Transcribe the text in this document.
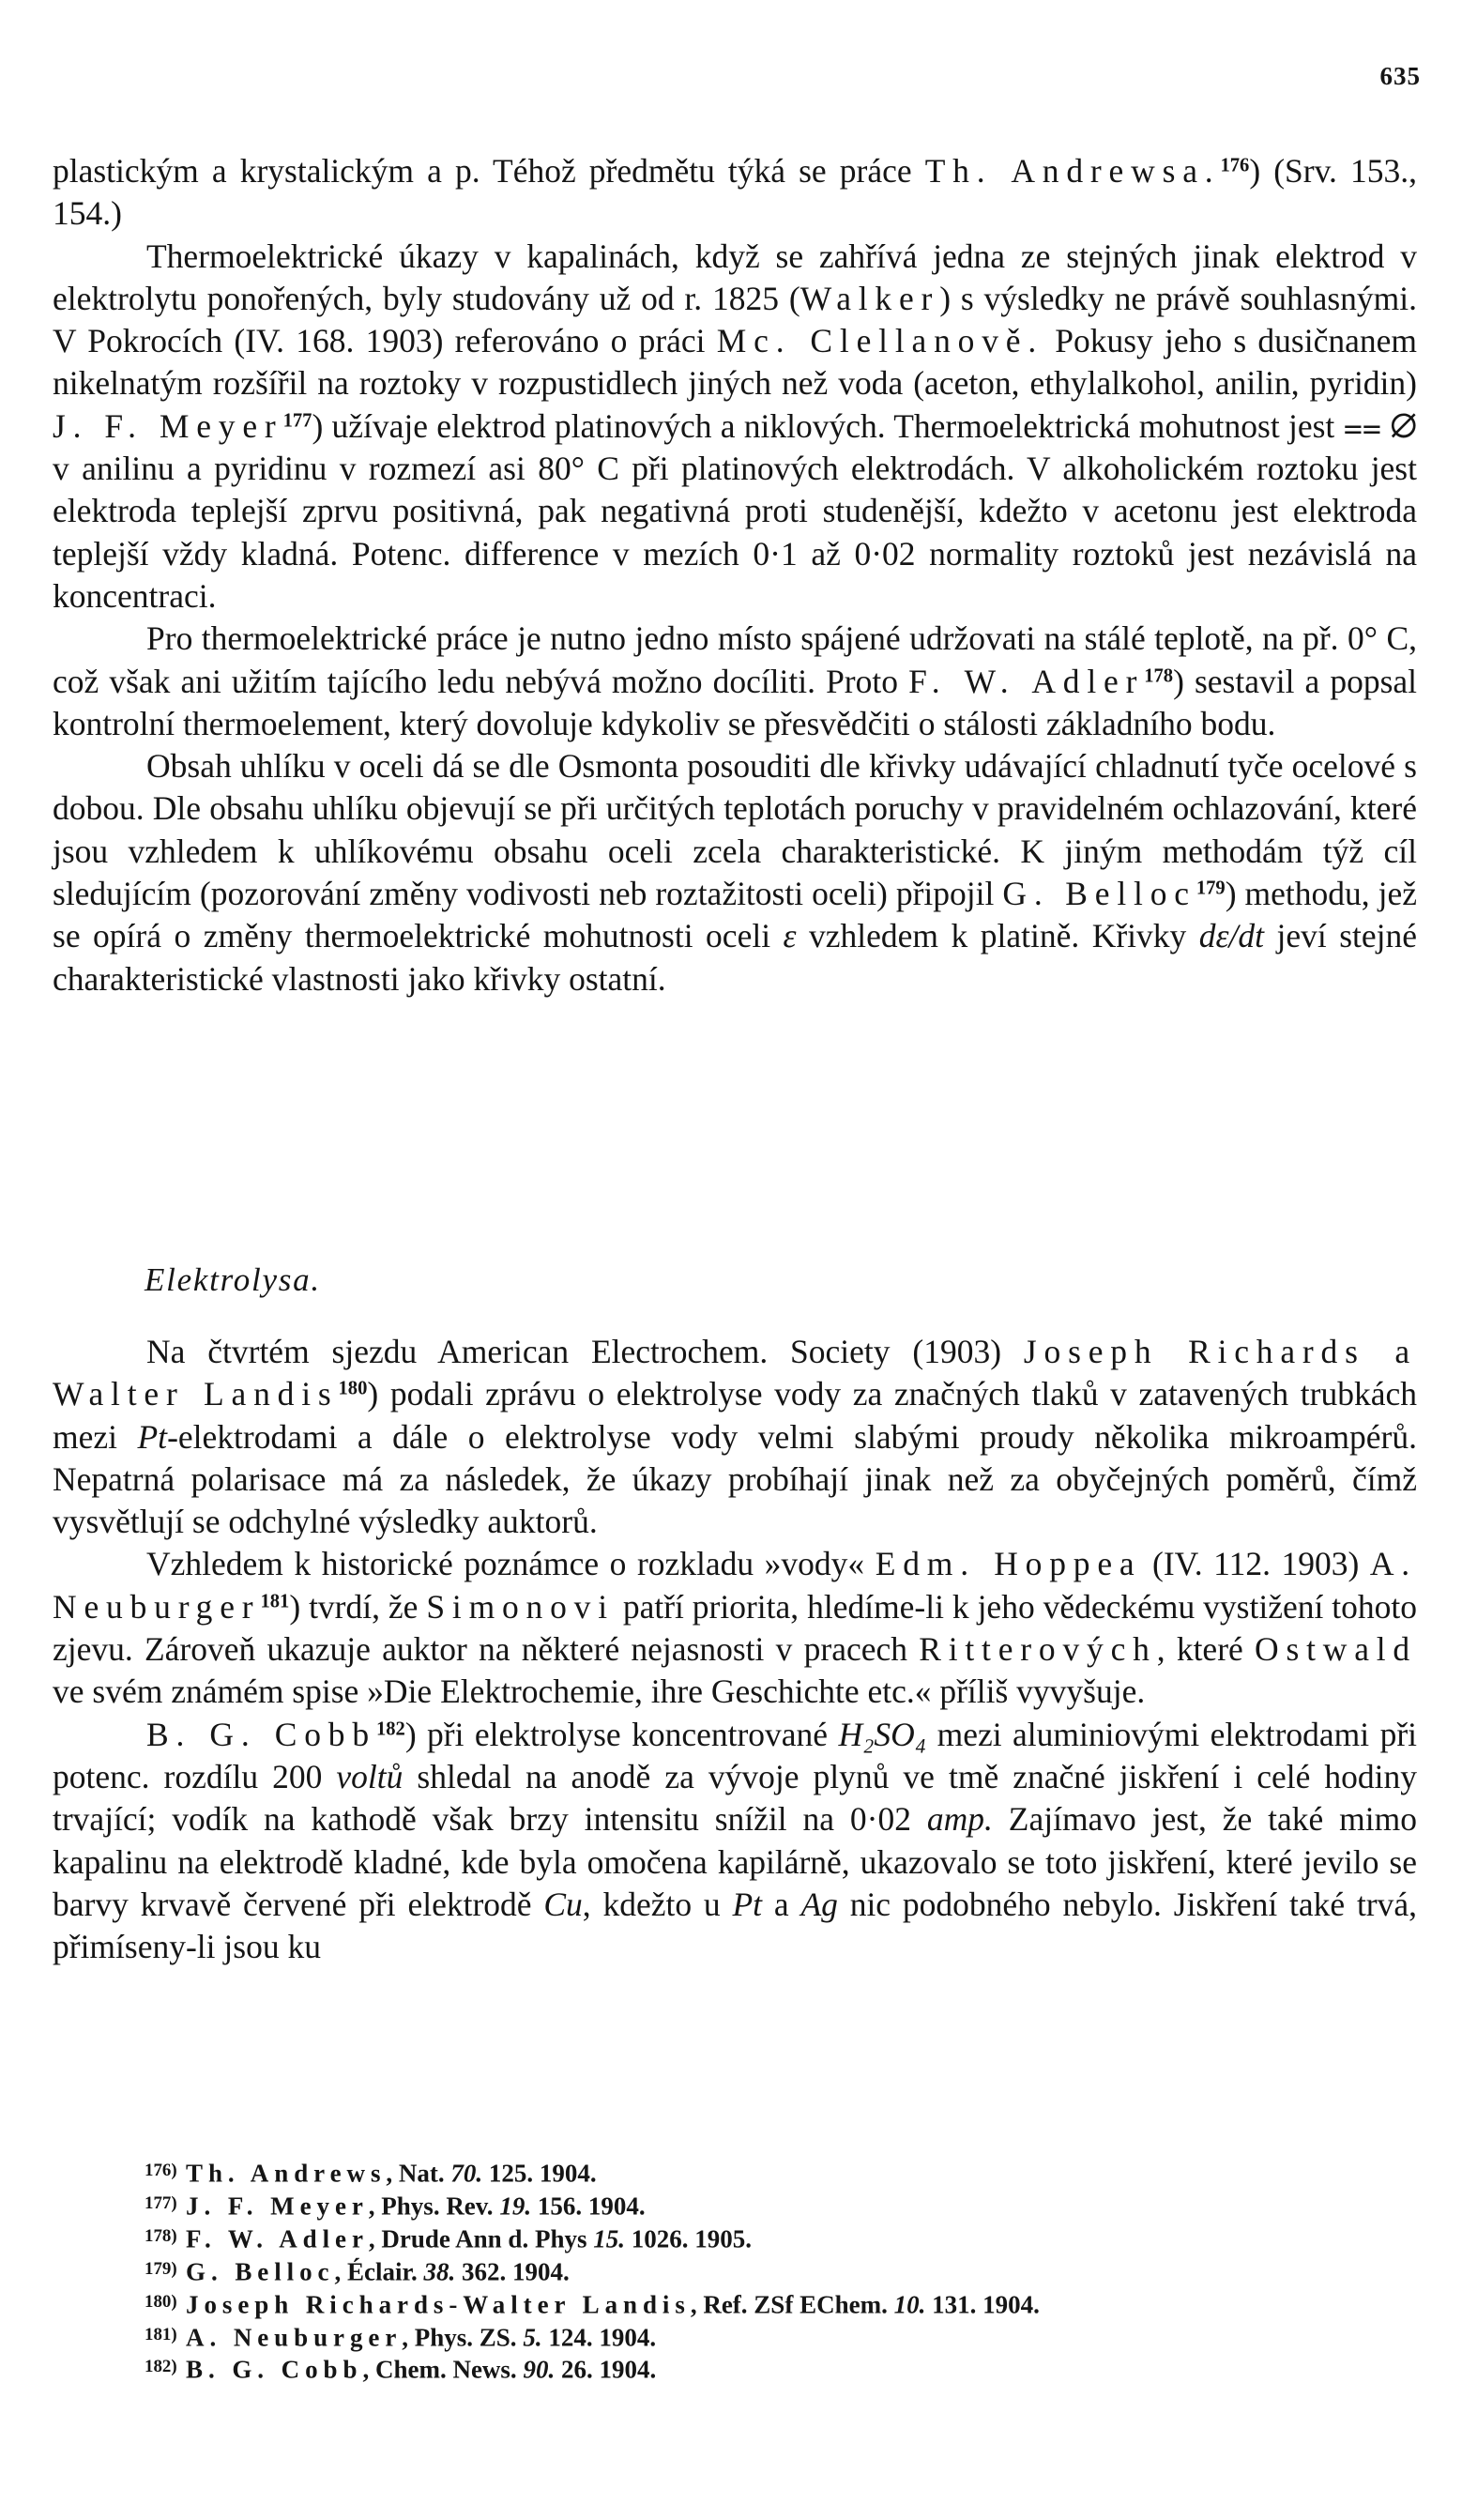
635

plastickým a krystalickým a p. Téhož předmětu týká se práce Th. Andrewsa.$^{176}$) (Srv. 153., 154.)

Thermoelektrické úkazy v kapalinách, když se zahřívá jedna ze stejných jinak elektrod v elektrolytu ponořených, byly studovány už od r. 1825 (Walker) s výsledky ne právě souhlasnými. V Pokrocích (IV. 168. 1903) referováno o práci Mc. Clellanově. Pokusy jeho s dusičnanem nikelnatým rozšířil na roztoky v rozpustidlech jiných než voda (aceton, ethylalkohol, anilin, pyridin) J. F. Meyer$^{177}$) užívaje elektrod platinových a niklových. Thermoelektrická mohutnost jest ⩵ ∅ v anilinu a pyridinu v rozmezí asi 80° C při platinových elektrodách. V alkoholickém roztoku jest elektroda teplejší zprvu positivná, pak negativná proti studenější, kdežto v acetonu jest elektroda teplejší vždy kladná. Potenc. difference v mezích 0·1 až 0·02 normality roztoků jest nezávislá na koncentraci.

Pro thermoelektrické práce je nutno jedno místo spájené udržovati na stálé teplotě, na př. 0° C, což však ani užitím tajícího ledu nebývá možno docíliti. Proto F. W. Adler$^{178}$) sestavil a popsal kontrolní thermoelement, který dovoluje kdykoliv se přesvědčiti o stálosti základního bodu.

Obsah uhlíku v oceli dá se dle Osmonta posouditi dle křivky udávající chladnutí tyče ocelové s dobou. Dle obsahu uhlíku objevují se při určitých teplotách poruchy v pravidelném ochlazování, které jsou vzhledem k uhlíkovému obsahu oceli zcela charakteristické. K jiným methodám týž cíl sledujícím (pozorování změny vodivosti neb roztažitosti oceli) připojil G. Belloc$^{179}$) methodu, jež se opírá o změny thermoelektrické mohutnosti oceli ε vzhledem k platině. Křivky dε/dt jeví stejné charakteristické vlastnosti jako křivky ostatní.

Elektrolysa.

Na čtvrtém sjezdu American Electrochem. Society (1903) Joseph Richards a Walter Landis$^{180}$) podali zprávu o elektrolyse vody za značných tlaků v zatavených trubkách mezi Pt-elektrodami a dále o elektrolyse vody velmi slabými proudy několika mikroampérů. Nepatrná polarisace má za následek, že úkazy probíhají jinak než za obyčejných poměrů, čímž vysvětlují se odchylné výsledky auktorů.

Vzhledem k historické poznámce o rozkladu »vody« Edm. Hoppea (IV. 112. 1903) A. Neuburger$^{181}$) tvrdí, že Simonovi patří priorita, hledíme-li k jeho vědeckému vystižení tohoto zjevu. Zároveň ukazuje auktor na některé nejasnosti v pracech Ritterových, které Ostwald ve svém známém spise »Die Elektrochemie, ihre Geschichte etc.« příliš vyvyšuje.

B. G. Cobb$^{182}$) při elektrolyse koncentrované H₂SO₄ mezi aluminiovými elektrodami při potenc. rozdílu 200 voltů shledal na anodě za vývoje plynů ve tmě značné jiskření i celé hodiny trvající; vodík na kathodě však brzy intensitu snížil na 0·02 amp. Zajímavo jest, že také mimo kapalinu na elektrodě kladné, kde byla omočena kapilárně, ukazovalo se toto jiskření, které jevilo se barvy krvavě červené při elektrodě Cu, kdežto u Pt a Ag nic podobného nebylo. Jiskření také trvá, přimíseny-li jsou ku

176) Th. Andrews, Nat. 70. 125. 1904.

177) J. F. Meyer, Phys. Rev. 19. 156. 1904.

178) F. W. Adler, Drude Ann d. Phys 15. 1026. 1905.

179) G. Belloc, Éclair. 38. 362. 1904.

180) Joseph Richards-Walter Landis, Ref. ZSf EChem. 10. 131. 1904.

181) A. Neuburger, Phys. ZS. 5. 124. 1904.

182) B. G. Cobb, Chem. News. 90. 26. 1904.
